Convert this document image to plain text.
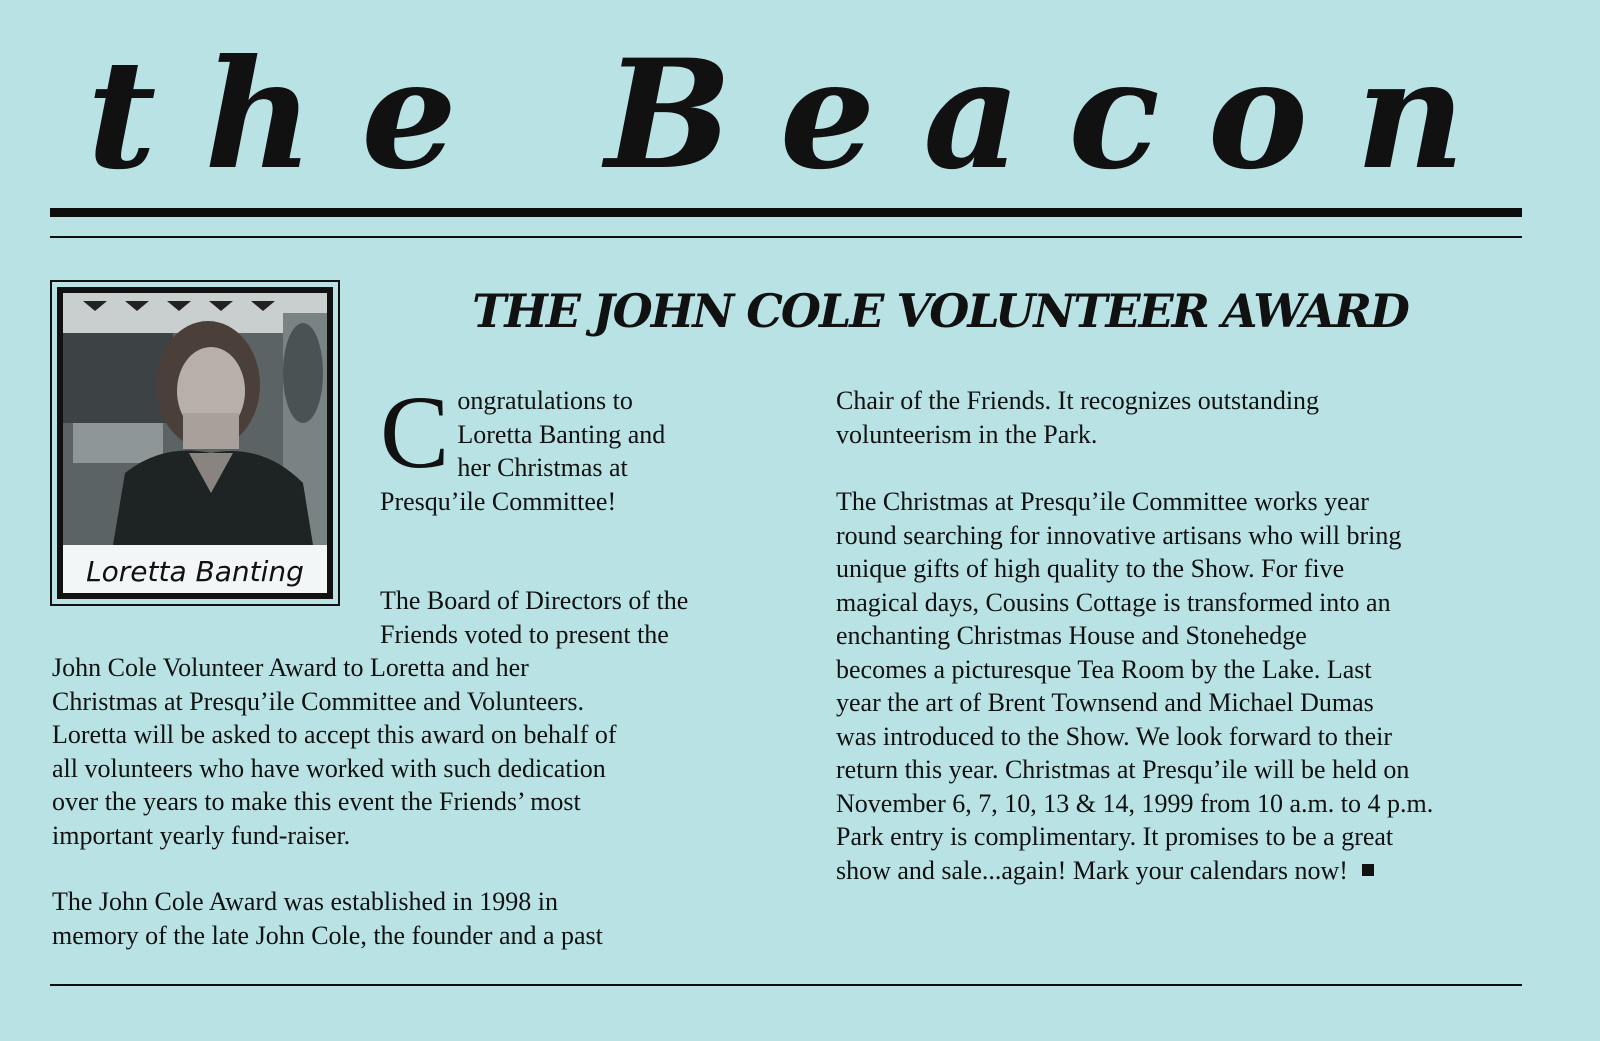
the Beacon
Loretta Banting
THE JOHN COLE VOLUNTEER AWARD
C ongratulations to
Loretta Banting and
her Christmas at
Presqu’ile Committee!
The Board of Directors of the
Friends voted to present the
John Cole Volunteer Award to Loretta and her
Christmas at Presqu’ile Committee and Volunteers.
Loretta will be asked to accept this award on behalf of
all volunteers who have worked with such dedication
over the years to make this event the Friends’ most
important yearly fund-raiser.
The John Cole Award was established in 1998 in
memory of the late John Cole, the founder and a past
Chair of the Friends. It recognizes outstanding
volunteerism in the Park.
The Christmas at Presqu’ile Committee works year
round searching for innovative artisans who will bring
unique gifts of high quality to the Show. For five
magical days, Cousins Cottage is transformed into an
enchanting Christmas House and Stonehedge
becomes a picturesque Tea Room by the Lake. Last
year the art of Brent Townsend and Michael Dumas
was introduced to the Show. We look forward to their
return this year. Christmas at Presqu’ile will be held on
November 6, 7, 10, 13 & 14, 1999 from 10 a.m. to 4 p.m.
Park entry is complimentary. It promises to be a great
show and sale...again! Mark your calendars now!
